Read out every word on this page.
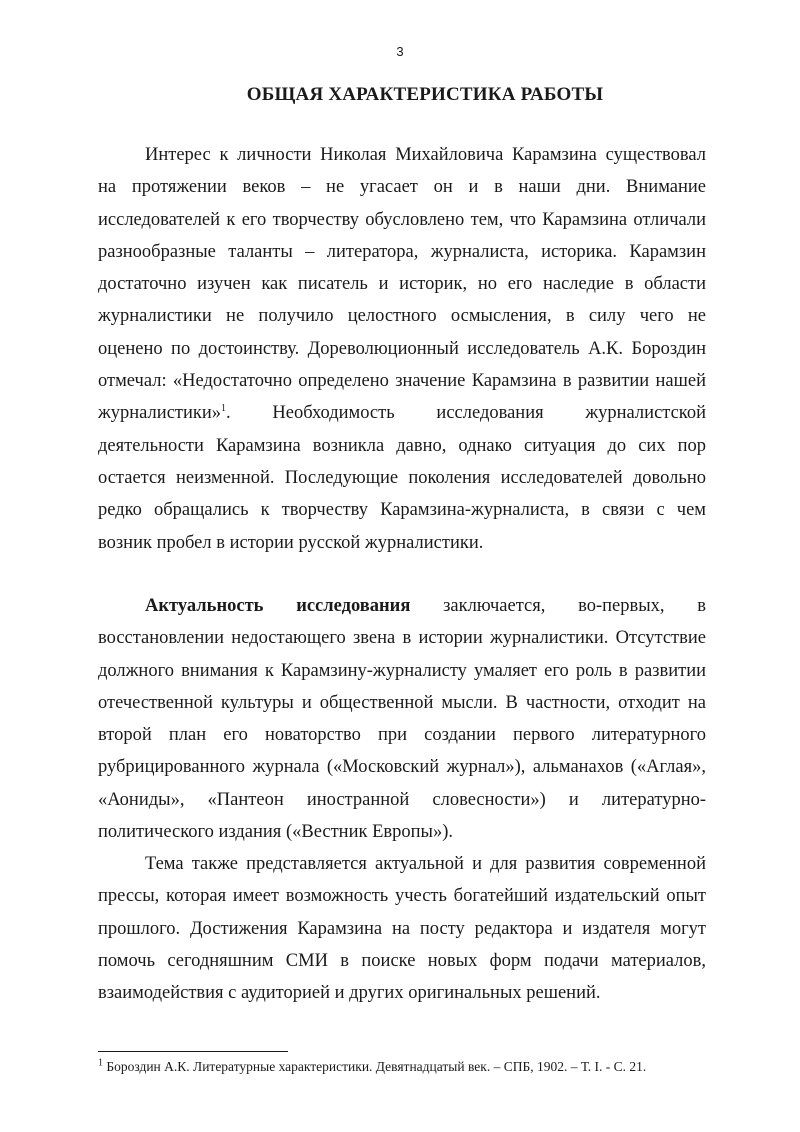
3
ОБЩАЯ ХАРАКТЕРИСТИКА РАБОТЫ
Интерес к личности Николая Михайловича Карамзина существовал
на протяжении веков – не угасает он и в наши дни. Внимание
исследователей к его творчеству обусловлено тем, что Карамзина отличали
разнообразные таланты – литератора, журналиста, историка. Карамзин
достаточно изучен как писатель и историк, но его наследие в области
журналистики не получило целостного осмысления, в силу чего не
оценено по достоинству. Дореволюционный исследователь А.К. Бороздин
отмечал: «Недостаточно определено значение Карамзина в развитии нашей
журналистики»$^1$. Необходимость исследования журналистской
деятельности Карамзина возникла давно, однако ситуация до сих пор
остается неизменной. Последующие поколения исследователей довольно
редко обращались к творчеству Карамзина-журналиста, в связи с чем
возник пробел в истории русской журналистики.
Актуальность исследования заключается, во-первых, в
восстановлении недостающего звена в истории журналистики. Отсутствие
должного внимания к Карамзину-журналисту умаляет его роль в развитии
отечественной культуры и общественной мысли. В частности, отходит на
второй план его новаторство при создании первого литературного
рубрицированного журнала («Московский журнал»), альманахов («Аглая»,
«Аониды», «Пантеон иностранной словесности») и литературно-
политического издания («Вестник Европы»).
Тема также представляется актуальной и для развития современной
прессы, которая имеет возможность учесть богатейший издательский опыт
прошлого. Достижения Карамзина на посту редактора и издателя могут
помочь сегодняшним СМИ в поиске новых форм подачи материалов,
взаимодействия с аудиторией и других оригинальных решений.
$^1$ Бороздин А.К. Литературные характеристики. Девятнадцатый век. – СПБ, 1902. – Т. I. - С. 21.
